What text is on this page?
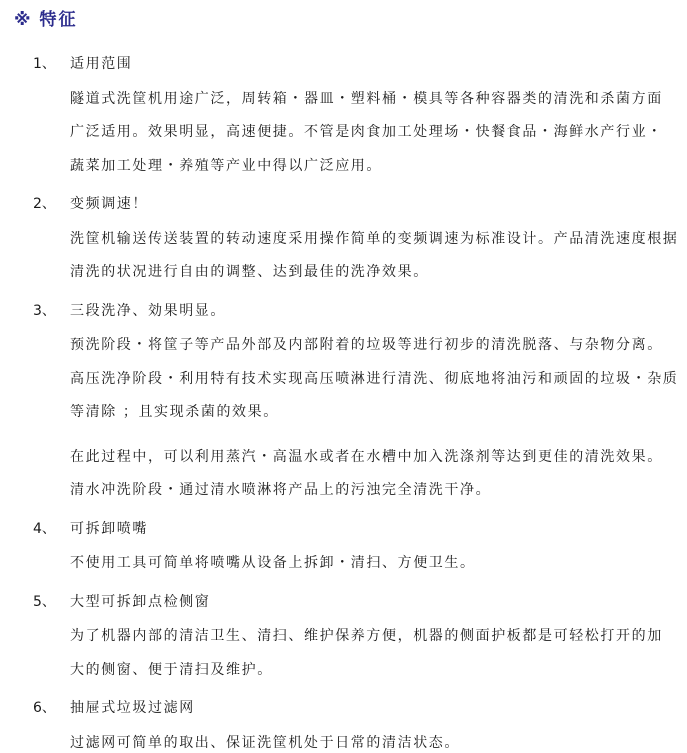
※ 特征
1、 适用范围
隧道式洗筐机用途广泛，周转箱・器皿・塑料桶・模具等各种容器类的清洗和杀菌方面
广泛适用。效果明显，高速便捷。不管是肉食加工处理场・快餐食品・海鲜水产行业・
蔬菜加工处理・养殖等产业中得以广泛应用。
2、 变频调速！
洗筐机输送传送装置的转动速度采用操作简单的变频调速为标准设计。产品清洗速度根据
清洗的状况进行自由的调整、达到最佳的洗净效果。
3、 三段洗净、効果明显。
预洗阶段・将筐子等产品外部及内部附着的垃圾等进行初步的清洗脱落、与杂物分离。
高压洗净阶段・利用特有技术实现高压喷淋进行清洗、彻底地将油污和顽固的垃圾・杂质
等清除 ；且实现杀菌的效果。
在此过程中，可以利用蒸汽・高温水或者在水槽中加入洗涤剂等达到更佳的清洗效果。
清水冲洗阶段・通过清水喷淋将产品上的污浊完全清洗干净。
4、 可拆卸喷嘴
不使用工具可简单将喷嘴从设备上拆卸・清扫、方便卫生。
5、 大型可拆卸点检侧窗
为了机器内部的清洁卫生、清扫、维护保养方便，机器的侧面护板都是可轻松打开的加
大的侧窗、便于清扫及维护。
6、 抽屉式垃圾过滤网
过滤网可简单的取出、保证洗筐机处于日常的清洁状态。
